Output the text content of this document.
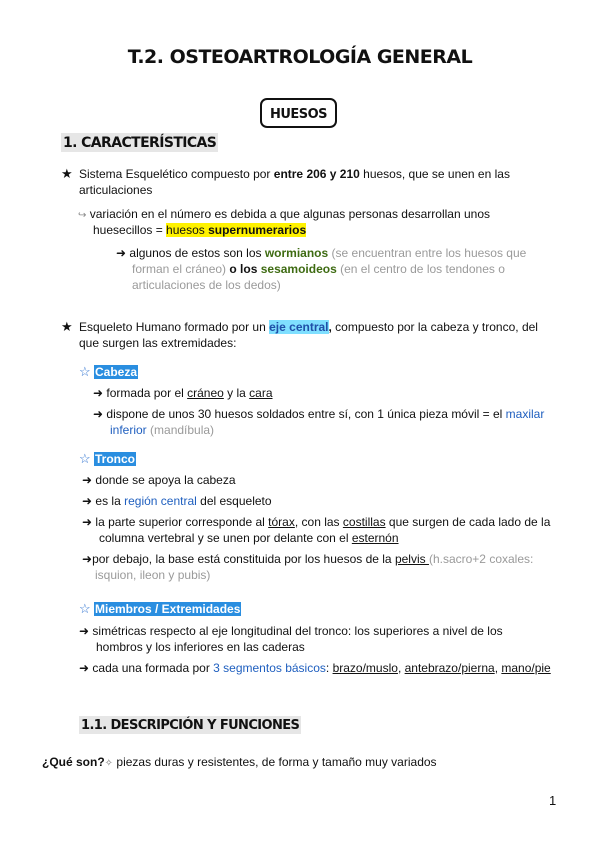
T.2. OSTEOARTROLOGÍA GENERAL
HUESOS
1. CARACTERÍSTICAS
★ Sistema Esquelético compuesto por entre 206 y 210 huesos, que se unen en las
articulaciones
↪ variación en el número es debida a que algunas personas desarrollan unos
huesecillos = huesos supernumerarios
➜ algunos de estos son los wormianos (se encuentran entre los huesos que
forman el cráneo) o los sesamoideos (en el centro de los tendones o
articulaciones de los dedos)
★ Esqueleto Humano formado por un eje central, compuesto por la cabeza y tronco, del
que surgen las extremidades:
☆ Cabeza
➜ formada por el cráneo y la cara
➜ dispone de unos 30 huesos soldados entre sí, con 1 única pieza móvil = el maxilar
inferior (mandíbula)
☆ Tronco
➜ donde se apoya la cabeza
➜ es la región central del esqueleto
➜ la parte superior corresponde al tórax, con las costillas que surgen de cada lado de la
columna vertebral y se unen por delante con el esternón
➜por debajo, la base está constituida por los huesos de la pelvis (h.sacro+2 coxales:
isquion, ileon y pubis)
☆ Miembros / Extremidades
➜ simétricas respecto al eje longitudinal del tronco: los superiores a nivel de los
hombros y los inferiores en las caderas
➜ cada una formada por 3 segmentos básicos: brazo/muslo, antebrazo/pierna, mano/pie
1.1. DESCRIPCIÓN Y FUNCIONES
¿Qué son?✧ piezas duras y resistentes, de forma y tamaño muy variados
1
